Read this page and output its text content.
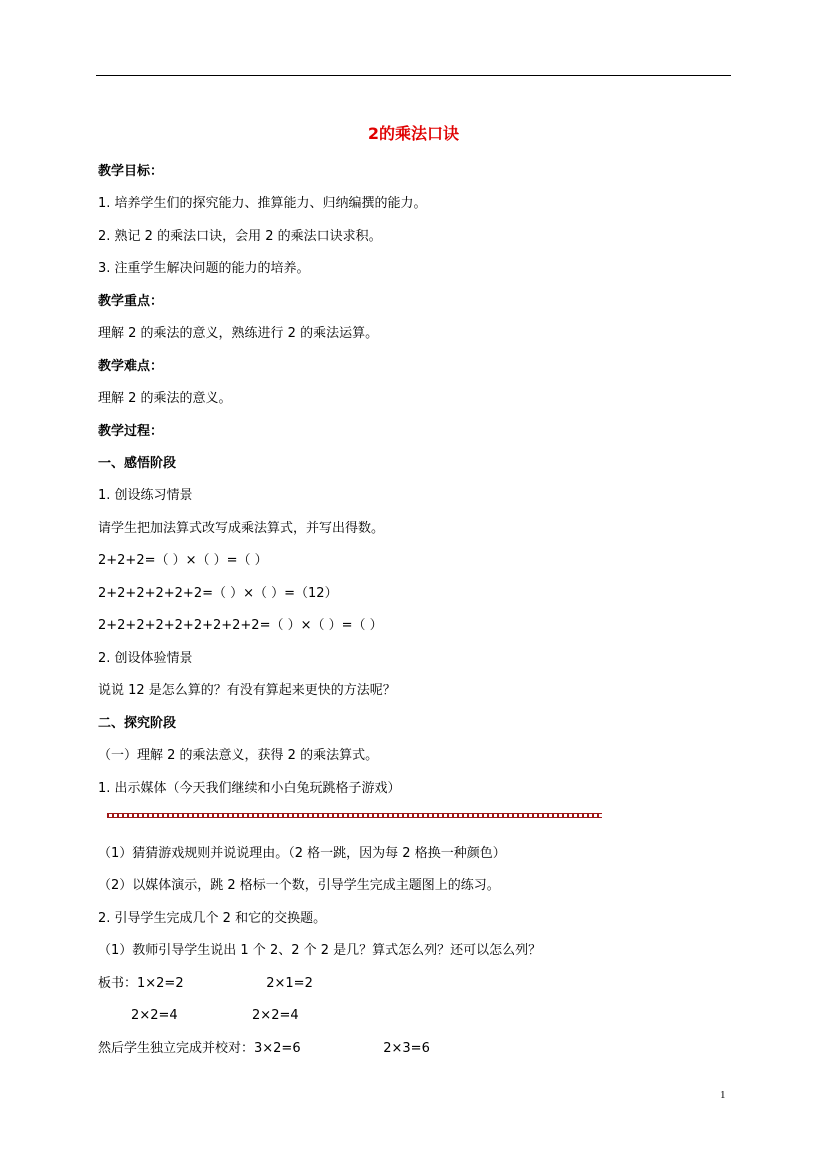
2的乘法口诀
教学目标：
1. 培养学生们的探究能力、推算能力、归纳编撰的能力。
2. 熟记 2 的乘法口诀，会用 2 的乘法口诀求积。
3. 注重学生解决问题的能力的培养。
教学重点：
理解 2 的乘法的意义，熟练进行 2 的乘法运算。
教学难点：
理解 2 的乘法的意义。
教学过程：
一、感悟阶段
1. 创设练习情景
请学生把加法算式改写成乘法算式，并写出得数。
2+2+2=（ ）×（ ）=（ ）
2+2+2+2+2+2=（ ）×（ ）=（12）
2+2+2+2+2+2+2+2+2=（ ）×（ ）=（ ）
2. 创设体验情景
说说 12 是怎么算的？有没有算起来更快的方法呢？
二、探究阶段
（一）理解 2 的乘法意义，获得 2 的乘法算式。
1. 出示媒体（今天我们继续和小白兔玩跳格子游戏）
（1）猜猜游戏规则并说说理由。（2 格一跳，因为每 2 格换一种颜色）
（2）以媒体演示，跳 2 格标一个数，引导学生完成主题图上的练习。
2. 引导学生完成几个 2 和它的交换题。
（1）教师引导学生说出 1 个 2、2 个 2 是几？算式怎么列？还可以怎么列？
板书：1×2=2                    2×1=2
2×2=4                  2×2=4
然后学生独立完成并校对：3×2=6                    2×3=6
1
